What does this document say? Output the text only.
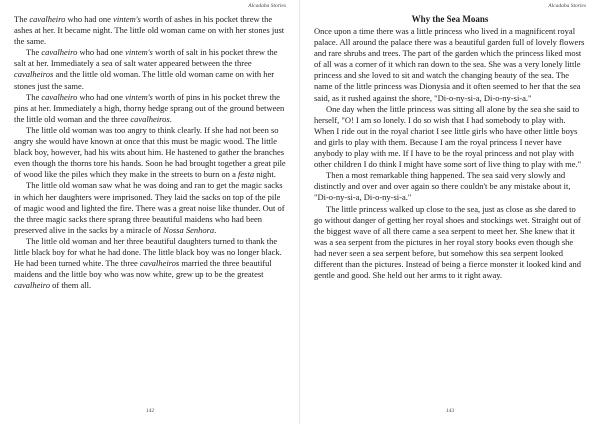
Alcadaba Stories

The cavalheiro who had one vintem's worth of ashes in his pocket threw the ashes at her. It became night. The little old woman came on with her stones just the same.

The cavalheiro who had one vintem's worth of salt in his pocket threw the salt at her. Immediately a sea of salt water appeared between the three cavalheiros and the little old woman. The little old woman came on with her stones just the same.

The cavalheiro who had one vintem's worth of pins in his pocket threw the pins at her. Immediately a high, thorny hedge sprang out of the ground between the little old woman and the three cavalheiros.

The little old woman was too angry to think clearly. If she had not been so angry she would have known at once that this must be magic wood. The little black boy, however, had his wits about him. He hastened to gather the branches even though the thorns tore his hands. Soon he had brought together a great pile of wood like the piles which they make in the streets to burn on a festa night.

The little old woman saw what he was doing and ran to get the magic sacks in which her daughters were imprisoned. They laid the sacks on top of the pile of magic wood and lighted the fire. There was a great noise like thunder. Out of the three magic sacks there sprang three beautiful maidens who had been preserved alive in the sacks by a miracle of Nossa Senhora.

The little old woman and her three beautiful daughters turned to thank the little black boy for what he had done. The little black boy was no longer black. He had been turned white. The three cavalheiros married the three beautiful maidens and the little boy who was now white, grew up to be the greatest cavalheiro of them all.

142
Alcadaba Stories
Why the Sea Moans

Once upon a time there was a little princess who lived in a magnificent royal palace. All around the palace there was a beautiful garden full of lovely flowers and rare shrubs and trees. The part of the garden which the princess liked most of all was a corner of it which ran down to the sea. She was a very lonely little princess and she loved to sit and watch the changing beauty of the sea. The name of the little princess was Dionysia and it often seemed to her that the sea said, as it rushed against the shore, "Di-o-ny-si-a, Di-o-ny-si-a."

One day when the little princess was sitting all alone by the sea she said to herself, "O! I am so lonely. I do so wish that I had somebody to play with. When I ride out in the royal chariot I see little girls who have other little boys and girls to play with them. Because I am the royal princess I never have anybody to play with me. If I have to be the royal princess and not play with other children I do think I might have some sort of live thing to play with me."

Then a most remarkable thing happened. The sea said very slowly and distinctly and over and over again so there couldn't be any mistake about it, "Di-o-ny-si-a, Di-o-ny-si-a."

The little princess walked up close to the sea, just as close as she dared to go without danger of getting her royal shoes and stockings wet. Straight out of the biggest wave of all there came a sea serpent to meet her. She knew that it was a sea serpent from the pictures in her royal story books even though she had never seen a sea serpent before, but somehow this sea serpent looked different than the pictures. Instead of being a fierce monster it looked kind and gentle and good. She held out her arms to it right away.

143
